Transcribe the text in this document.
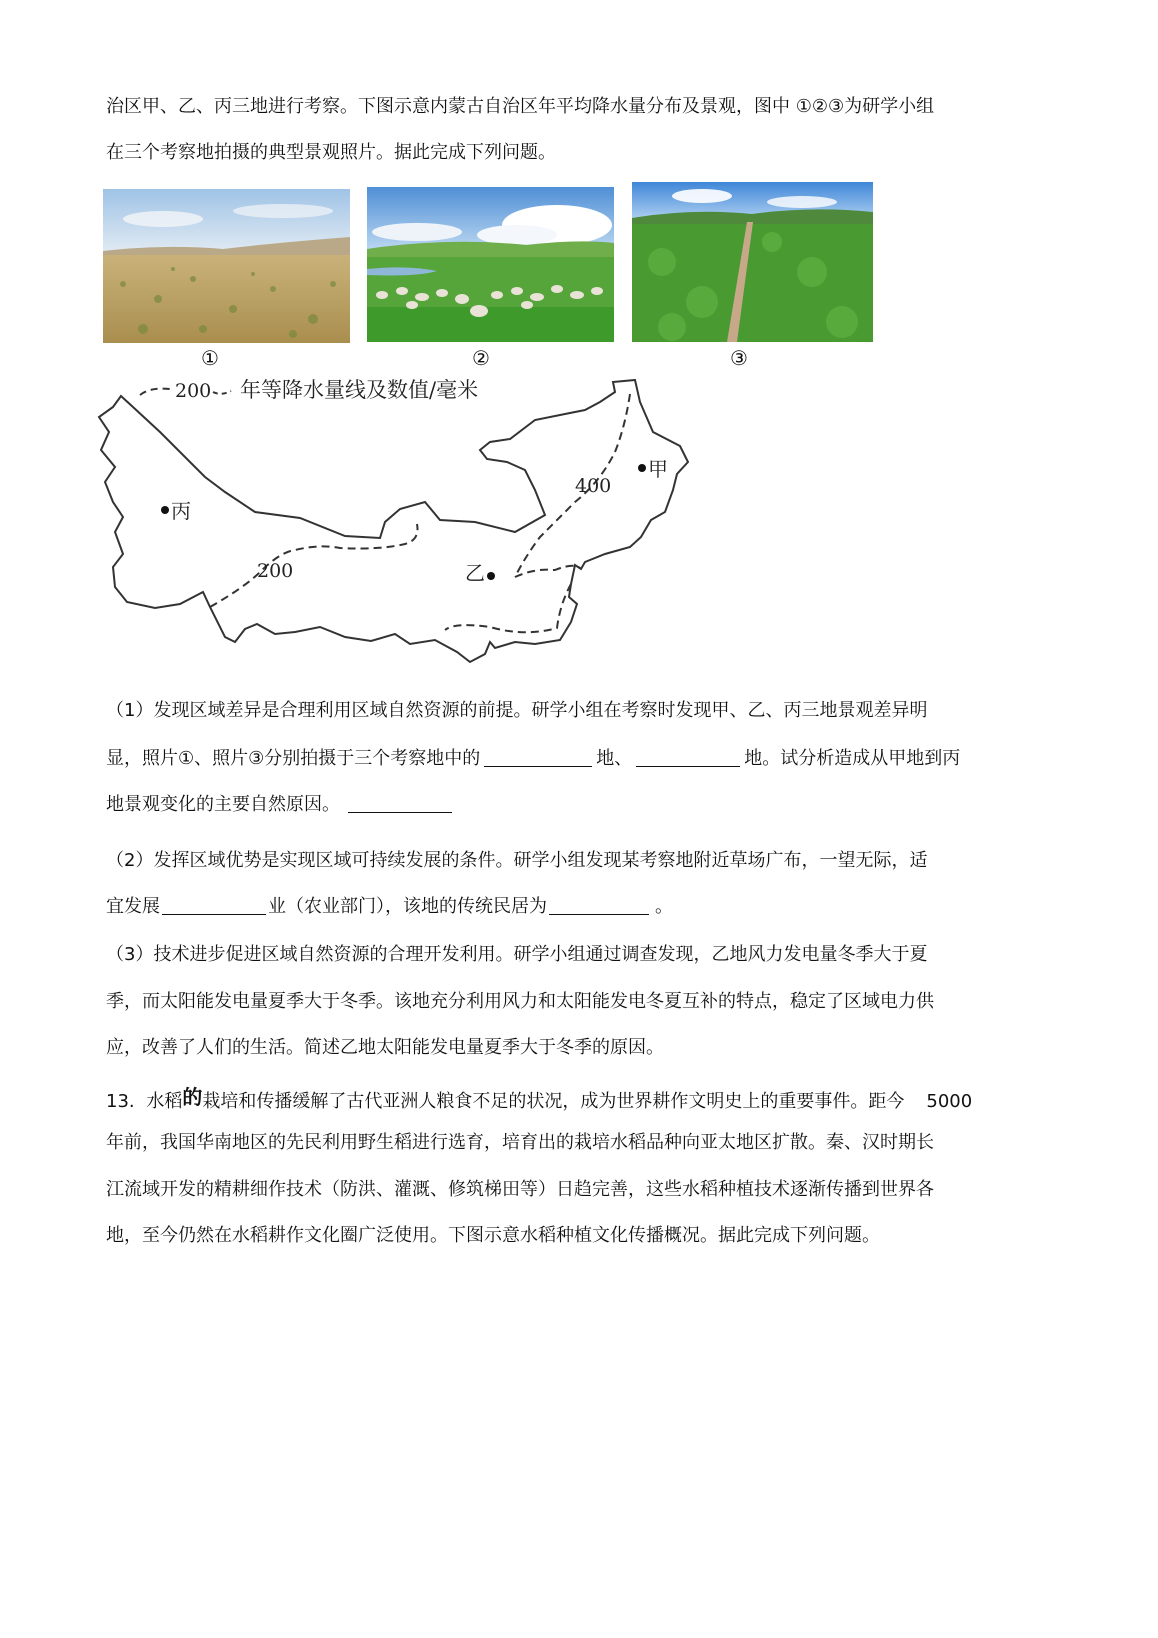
治区甲、乙、丙三地进行考察。下图示意内蒙古自治区年平均降水量分布及景观，图中 ①②③为研学小组
在三个考察地拍摄的典型景观照片。据此完成下列问题。
①	②	③
200 年等降水量线及数值/毫米
400
200
甲
乙
丙
（1）发现区域差异是合理利用区域自然资源的前提。研学小组在考察时发现甲、乙、丙三地景观差异明
显，照片①、照片③分别拍摄于三个考察地中的	地、	地。试分析造成从甲地到丙
地景观变化的主要自然原因。
（2）发挥区域优势是实现区域可持续发展的条件。研学小组发现某考察地附近草场广布，一望无际，适
宜发展	业（农业部门），该地的传统民居为	。
（3）技术进步促进区域自然资源的合理开发利用。研学小组通过调查发现，乙地风力发电量冬季大于夏
季，而太阳能发电量夏季大于冬季。该地充分利用风力和太阳能发电冬夏互补的特点，稳定了区域电力供
应，改善了人们的生活。简述乙地太阳能发电量夏季大于冬季的原因。
13. 水稻的栽培和传播缓解了古代亚洲人粮食不足的状况，成为世界耕作文明史上的重要事件。距今 5000
年前，我国华南地区的先民利用野生稻进行选育，培育出的栽培水稻品种向亚太地区扩散。秦、汉时期长
江流域开发的精耕细作技术（防洪、灌溉、修筑梯田等）日趋完善，这些水稻种植技术逐渐传播到世界各
地，至今仍然在水稻耕作文化圈广泛使用。下图示意水稻种植文化传播概况。据此完成下列问题。
